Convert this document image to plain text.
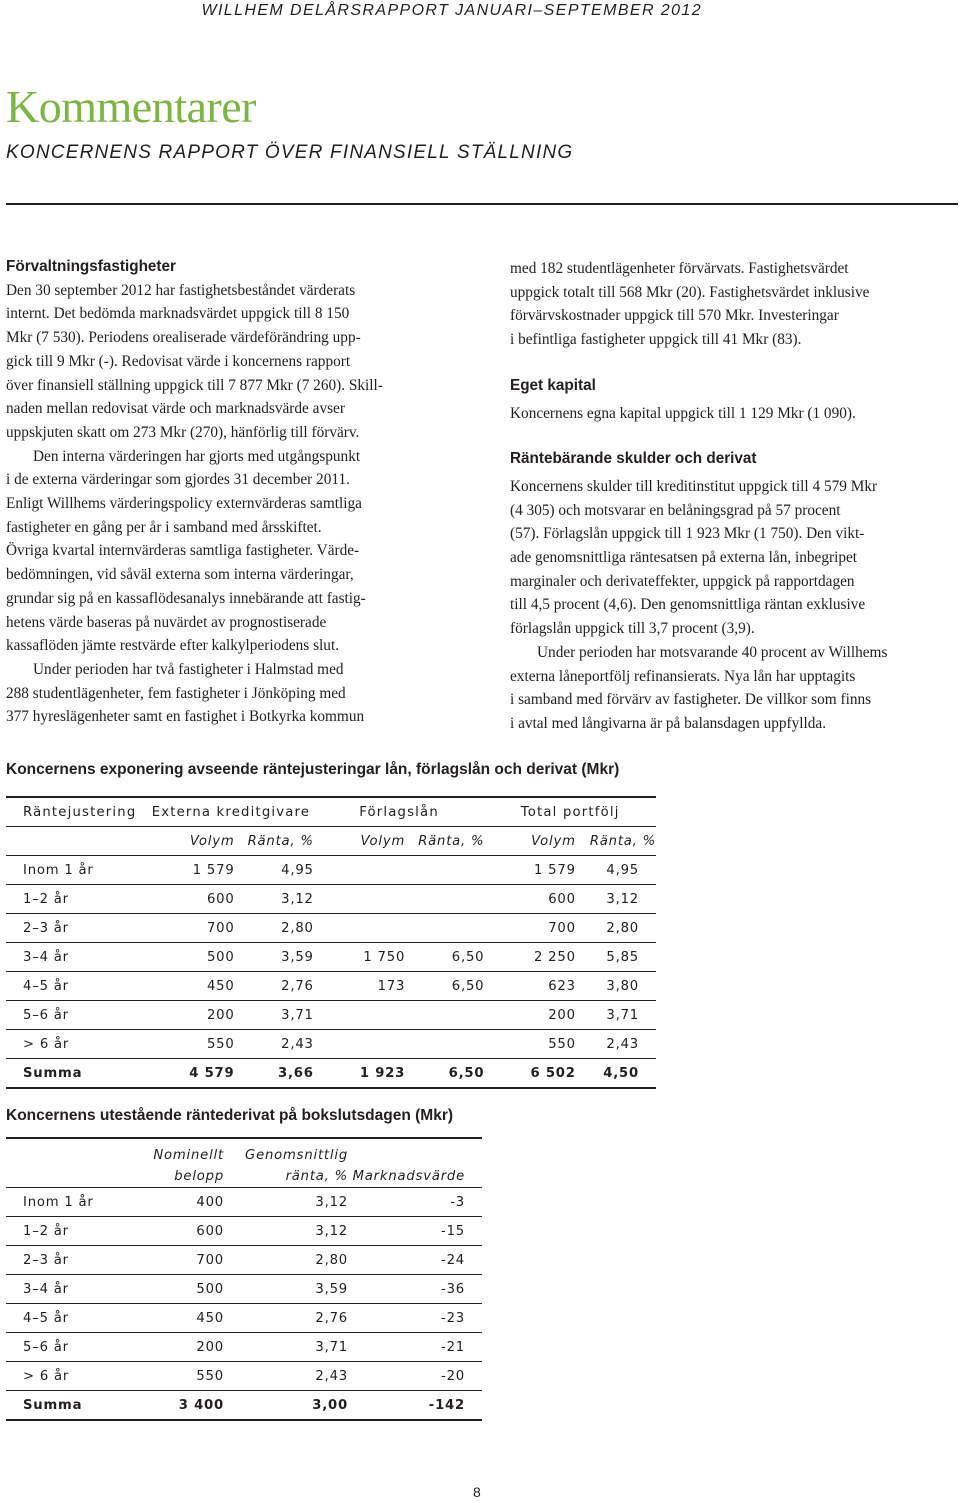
WILLHEM DELÅRSRAPPORT JANUARI–SEPTEMBER 2012
Kommentarer
KONCERNENS RAPPORT ÖVER FINANSIELL STÄLLNING
Förvaltningsfastigheter
Den 30 september 2012 har fastighetsbeståndet värderats
internt. Det bedömda marknadsvärdet uppgick till 8 150
Mkr (7 530). Periodens orealiserade värdeförändring upp-
gick till 9 Mkr (-). Redovisat värde i koncernens rapport
över finansiell ställning uppgick till 7 877 Mkr (7 260). Skill-
naden mellan redovisat värde och marknadsvärde avser
uppskjuten skatt om 273 Mkr (270), hänförlig till förvärv.
Den interna värderingen har gjorts med utgångspunkt
i de externa värderingar som gjordes 31 december 2011.
Enligt Willhems värderingspolicy externvärderas samtliga
fastigheter en gång per år i samband med årsskiftet.
Övriga kvartal internvärderas samtliga fastigheter. Värde-
bedömningen, vid såväl externa som interna värderingar,
grundar sig på en kassaflödesanalys innebärande att fastig-
hetens värde baseras på nuvärdet av prognostiserade
kassaflöden jämte restvärde efter kalkylperiodens slut.
Under perioden har två fastigheter i Halmstad med
288 studentlägenheter, fem fastigheter i Jönköping med
377 hyreslägenheter samt en fastighet i Botkyrka kommun
med 182 studentlägenheter förvärvats. Fastighetsvärdet
uppgick totalt till 568 Mkr (20). Fastighetsvärdet inklusive
förvärvskostnader uppgick till 570 Mkr. Investeringar
i befintliga fastigheter uppgick till 41 Mkr (83).
Eget kapital
Koncernens egna kapital uppgick till 1 129 Mkr (1 090).
Räntebärande skulder och derivat
Koncernens skulder till kreditinstitut uppgick till 4 579 Mkr
(4 305) och motsvarar en belåningsgrad på 57 procent
(57). Förlagslån uppgick till 1 923 Mkr (1 750). Den vikt-
ade genomsnittliga räntesatsen på externa lån, inbegripet
marginaler och derivateffekter, uppgick på rapportdagen
till 4,5 procent (4,6). Den genomsnittliga räntan exklusive
förlagslån uppgick till 3,7 procent (3,9).
Under perioden har motsvarande 40 procent av Willhems
externa låneportfölj refinansierats. Nya lån har upptagits
i samband med förvärv av fastigheter. De villkor som finns
i avtal med långivarna är på balansdagen uppfyllda.
Koncernens exponering avseende räntejusteringar lån, förlagslån och derivat (Mkr)
Räntejustering	Externa kreditgivare		Förlagslån		Total portfölj	
	Volym	Ränta, %	Volym	Ränta, %	Volym	Ränta, %
Inom 1 år	1 579	4,95			1 579	4,95
1–2 år	600	3,12			600	3,12
2–3 år	700	2,80			700	2,80
3–4 år	500	3,59	1 750	6,50	2 250	5,85
4–5 år	450	2,76	173	6,50	623	3,80
5–6 år	200	3,71			200	3,71
> 6 år	550	2,43			550	2,43
Summa	4 579	3,66	1 923	6,50	6 502	4,50
Koncernens utestående räntederivat på bokslutsdagen (Mkr)
	Nominellt	Genomsnittlig	
	belopp	ränta, %	Marknadsvärde
Inom 1 år	400	3,12	-3
1–2 år	600	3,12	-15
2–3 år	700	2,80	-24
3–4 år	500	3,59	-36
4–5 år	450	2,76	-23
5–6 år	200	3,71	-21
> 6 år	550	2,43	-20
Summa	3 400	3,00	-142
8
